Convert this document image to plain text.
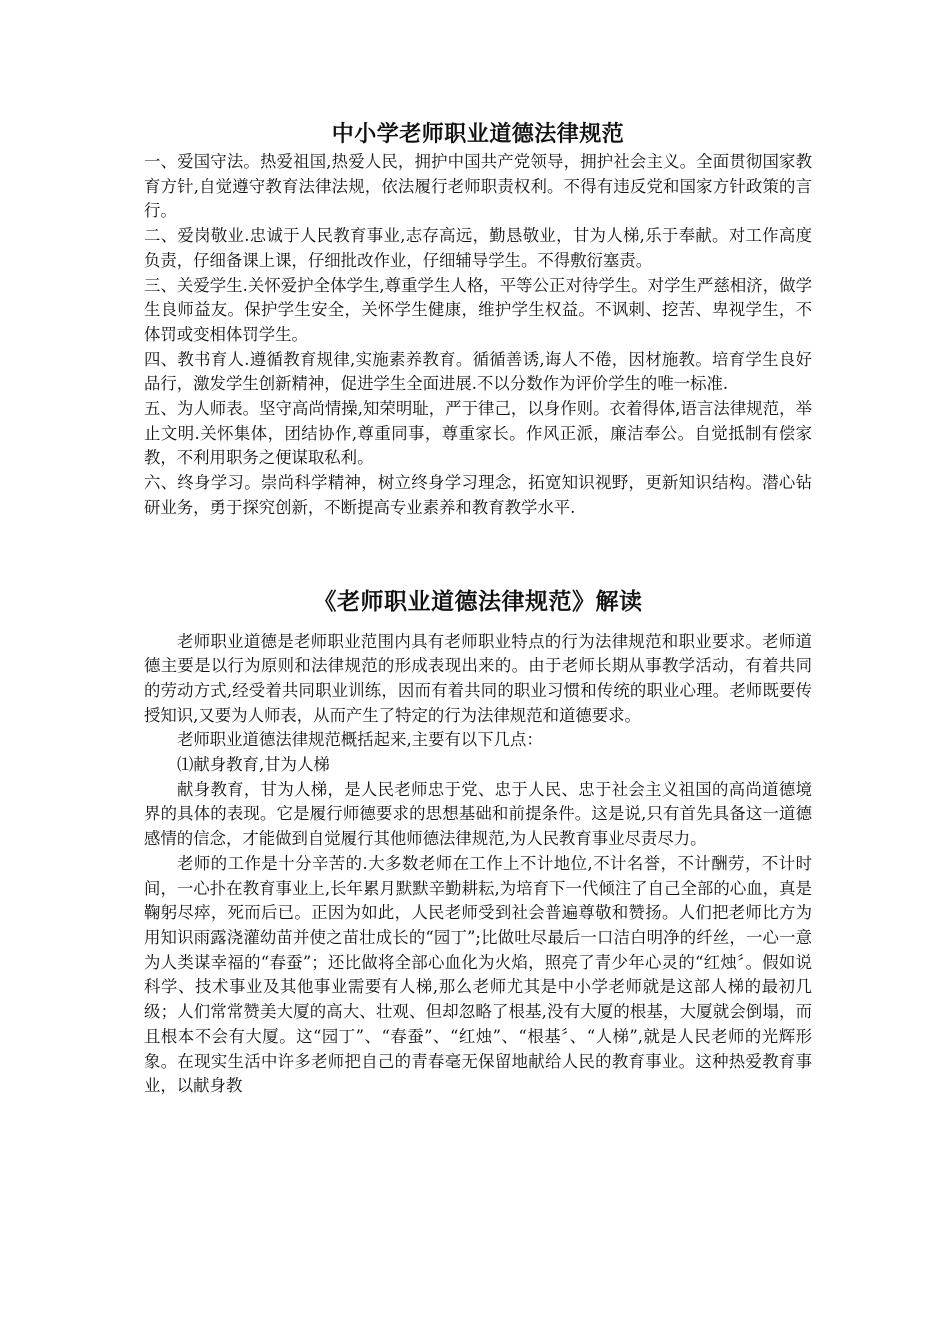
中小学老师职业道德法律规范

一、爱国守法。热爱祖国,热爱人民，拥护中国共产党领导，拥护社会主义。全面贯彻国家教育方针,自觉遵守教育法律法规，依法履行老师职责权利。不得有违反党和国家方针政策的言行。

二、爱岗敬业.忠诚于人民教育事业,志存高远，勤恳敬业，甘为人梯,乐于奉献。对工作高度负责，仔细备课上课，仔细批改作业，仔细辅导学生。不得敷衍塞责。

三、关爱学生.关怀爱护全体学生,尊重学生人格，平等公正对待学生。对学生严慈相济，做学生良师益友。保护学生安全，关怀学生健康，维护学生权益。不讽刺、挖苦、卑视学生，不体罚或变相体罚学生。

四、教书育人.遵循教育规律,实施素养教育。循循善诱,诲人不倦，因材施教。培育学生良好品行，激发学生创新精神，促进学生全面进展.不以分数作为评价学生的唯一标准.

五、为人师表。坚守高尚情操,知荣明耻，严于律己，以身作则。衣着得体,语言法律规范，举止文明.关怀集体，团结协作,尊重同事，尊重家长。作风正派，廉洁奉公。自觉抵制有偿家教，不利用职务之便谋取私利。

六、终身学习。崇尚科学精神，树立终身学习理念，拓宽知识视野，更新知识结构。潜心钻研业务，勇于探究创新，不断提高专业素养和教育教学水平.

《老师职业道德法律规范》解读

老师职业道德是老师职业范围内具有老师职业特点的行为法律规范和职业要求。老师道德主要是以行为原则和法律规范的形成表现出来的。由于老师长期从事教学活动，有着共同的劳动方式,经受着共同职业训练，因而有着共同的职业习惯和传统的职业心理。老师既要传授知识,又要为人师表，从而产生了特定的行为法律规范和道德要求。

老师职业道德法律规范概括起来,主要有以下几点：

⑴献身教育,甘为人梯

献身教育，甘为人梯，是人民老师忠于党、忠于人民、忠于社会主义祖国的高尚道德境界的具体的表现。它是履行师德要求的思想基础和前提条件。这是说,只有首先具备这一道德感情的信念，才能做到自觉履行其他师德法律规范,为人民教育事业尽责尽力。

老师的工作是十分辛苦的.大多数老师在工作上不计地位,不计名誉，不计酬劳，不计时间，一心扑在教育事业上,长年累月默默辛勤耕耘,为培育下一代倾注了自己全部的心血，真是鞠躬尽瘁，死而后已。正因为如此，人民老师受到社会普遍尊敬和赞扬。人们把老师比方为用知识雨露浇灌幼苗并使之苗壮成长的“园丁”;比做吐尽最后一口洁白明净的纤丝，一心一意为人类谋幸福的“春蚕”；还比做将全部心血化为火焰，照亮了青少年心灵的“红烛〞。假如说科学、技术事业及其他事业需要有人梯,那么老师尤其是中小学老师就是这部人梯的最初几级；人们常常赞美大厦的高大、壮观、但却忽略了根基,没有大厦的根基，大厦就会倒塌，而且根本不会有大厦。这“园丁”、“春蚕”、“红烛”、“根基〞、“人梯”,就是人民老师的光辉形象。在现实生活中许多老师把自己的青春毫无保留地献给人民的教育事业。这种热爱教育事业，以献身教
